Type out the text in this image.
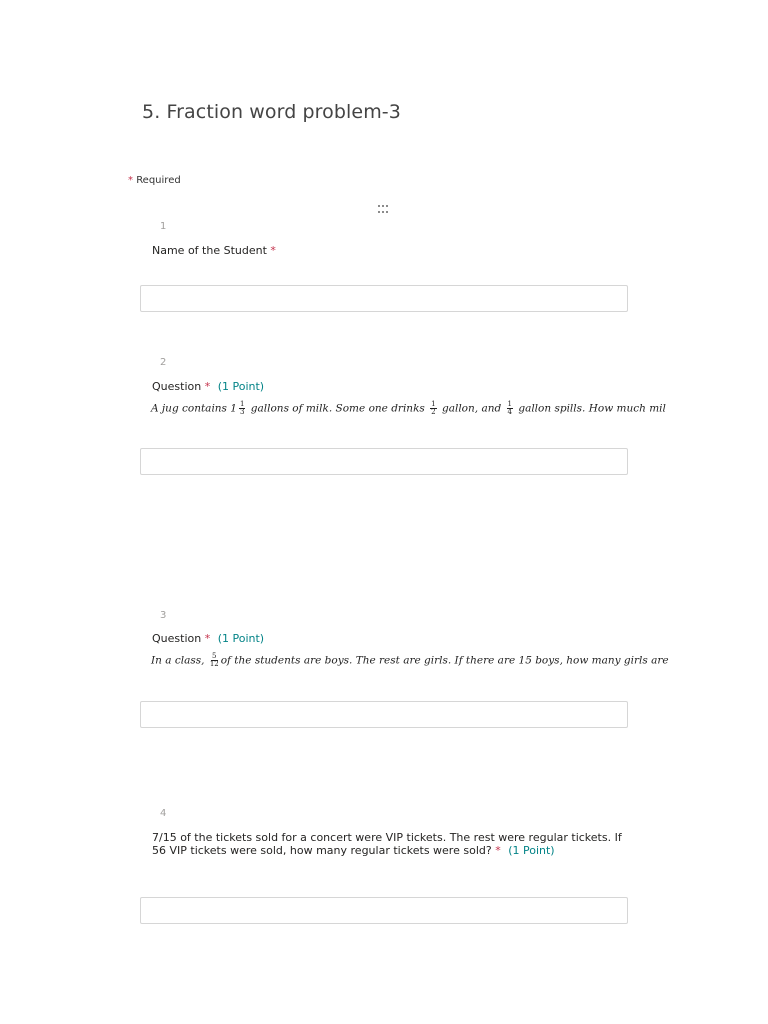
5. Fraction word problem-3
* Required
1
Name of the Student *
2
Question * (1 Point)
A jug contains $1 \frac{1}{3}$ gallons of milk. Some one drinks $\frac{1}{2}$ gallon, and $\frac{1}{4}$ gallon spills. How much mil
3
Question * (1 Point)
In a class, $\frac{5}{12}$ of the students are boys. The rest are girls. If there are 15 boys, how many girls are
4
7/15 of the tickets sold for a concert were VIP tickets. The rest were regular tickets. If 56 VIP tickets were sold, how many regular tickets were sold? * (1 Point)
